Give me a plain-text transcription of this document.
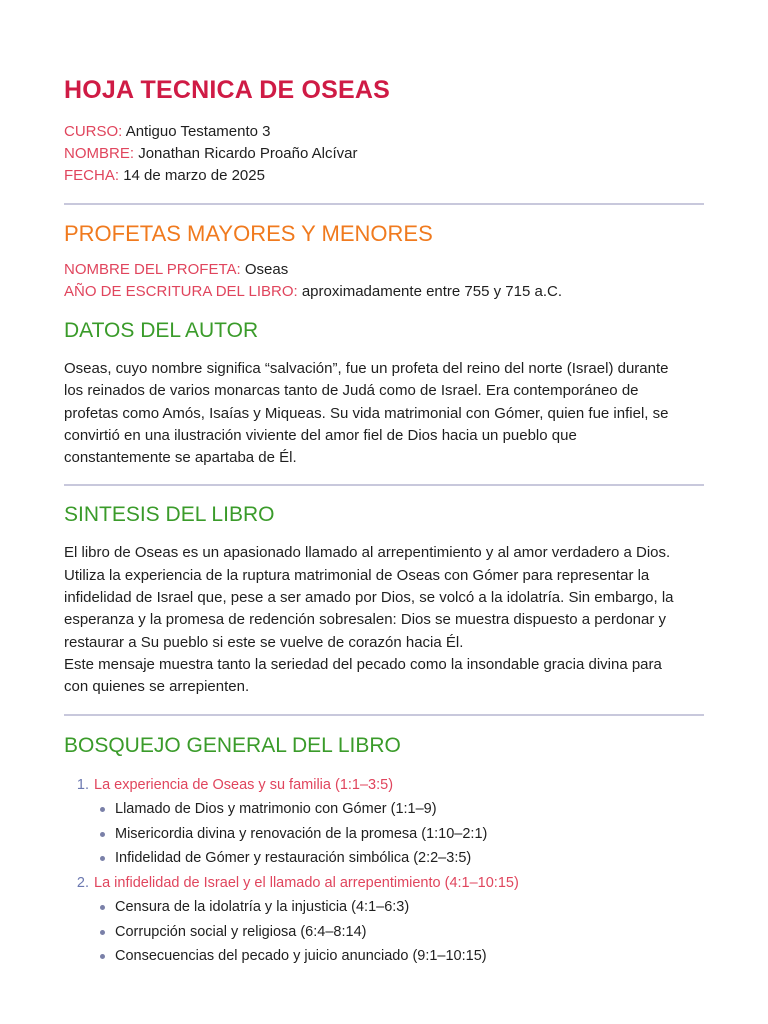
HOJA TECNICA DE OSEAS

CURSO: Antiguo Testamento 3

NOMBRE: Jonathan Ricardo Proaño Alcívar

FECHA: 14 de marzo de 2025

PROFETAS MAYORES Y MENORES

NOMBRE DEL PROFETA: Oseas

AÑO DE ESCRITURA DEL LIBRO: aproximadamente entre 755 y 715 a.C.

DATOS DEL AUTOR

Oseas, cuyo nombre significa “salvación”, fue un profeta del reino del norte (Israel) durante
los reinados de varios monarcas tanto de Judá como de Israel. Era contemporáneo de
profetas como Amós, Isaías y Miqueas. Su vida matrimonial con Gómer, quien fue infiel, se
convirtió en una ilustración viviente del amor fiel de Dios hacia un pueblo que
constantemente se apartaba de Él.

SINTESIS DEL LIBRO

El libro de Oseas es un apasionado llamado al arrepentimiento y al amor verdadero a Dios.
Utiliza la experiencia de la ruptura matrimonial de Oseas con Gómer para representar la
infidelidad de Israel que, pese a ser amado por Dios, se volcó a la idolatría. Sin embargo, la
esperanza y la promesa de redención sobresalen: Dios se muestra dispuesto a perdonar y
restaurar a Su pueblo si este se vuelve de corazón hacia Él.
Este mensaje muestra tanto la seriedad del pecado como la insondable gracia divina para
con quienes se arrepienten.

BOSQUEJO GENERAL DEL LIBRO
1. La experiencia de Oseas y su familia (1:1–3:5)
Llamado de Dios y matrimonio con Gómer (1:1–9)
Misericordia divina y renovación de la promesa (1:10–2:1)
Infidelidad de Gómer y restauración simbólica (2:2–3:5)
2. La infidelidad de Israel y el llamado al arrepentimiento (4:1–10:15)
Censura de la idolatría y la injusticia (4:1–6:3)
Corrupción social y religiosa (6:4–8:14)
Consecuencias del pecado y juicio anunciado (9:1–10:15)
